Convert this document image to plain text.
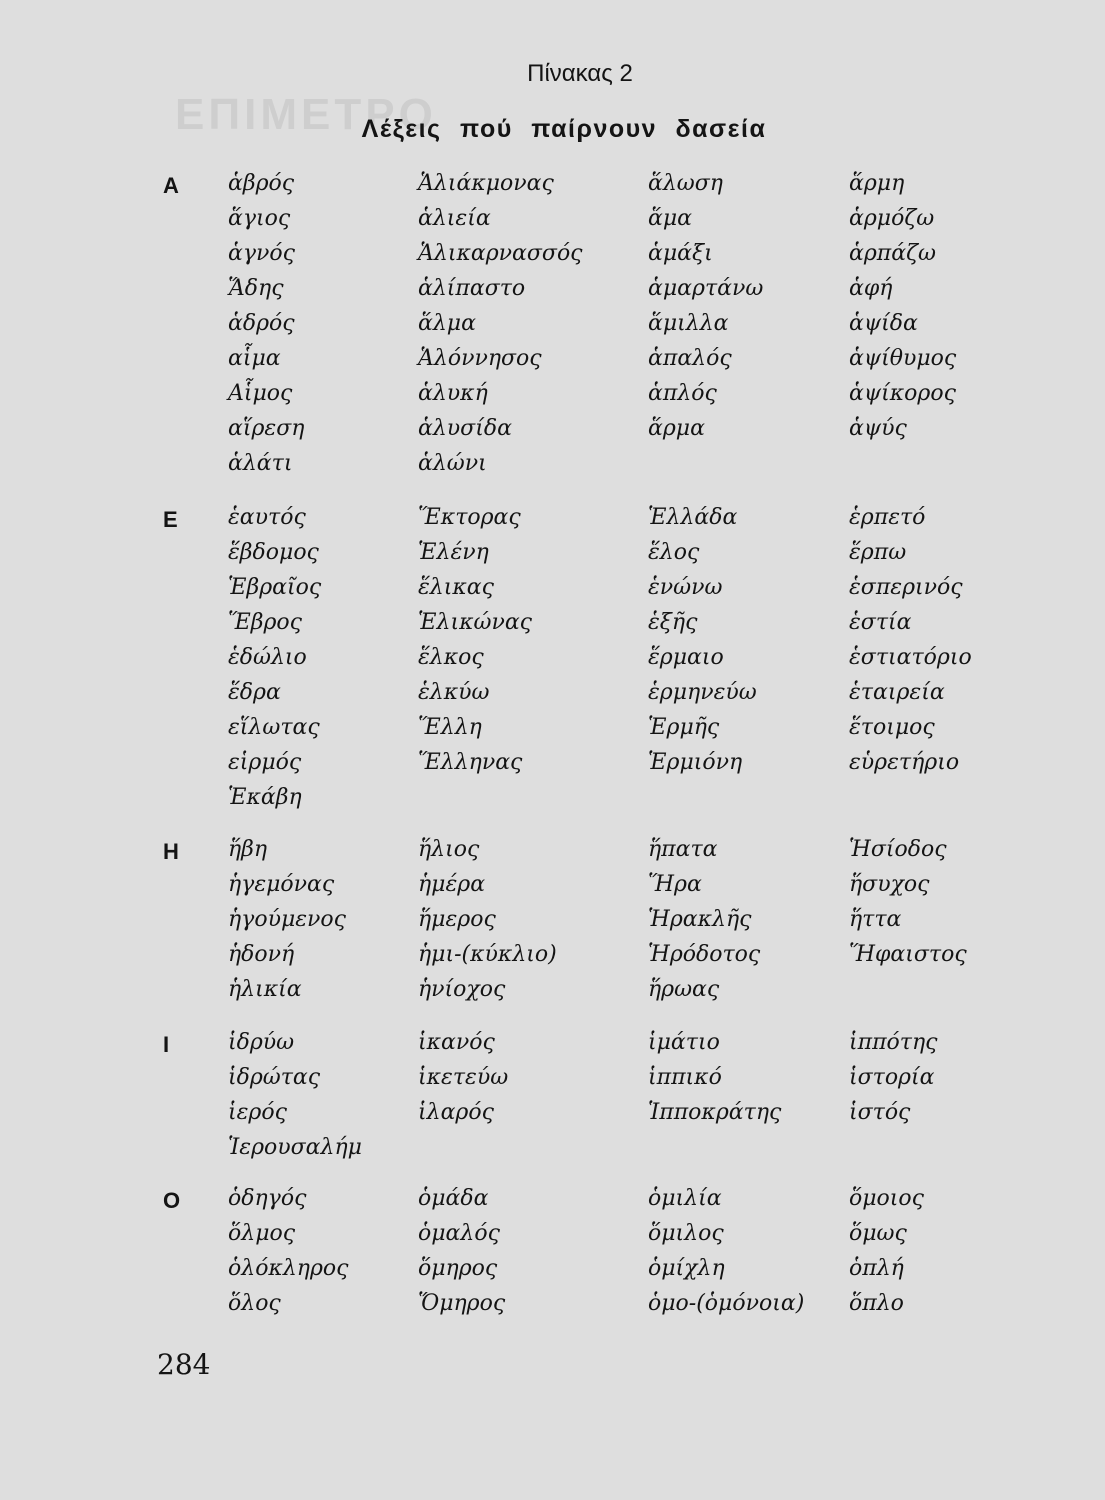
ΕΠΙΜΕΤΡΟ
Πίνακας 2
Λέξεις πού παίρνουν δασεία
Α ἁβρός
ἅγιος
ἁγνός
Ἅδης
ἁδρός
αἷμα
Αἷμος
αἵρεση
ἁλάτι
Ἁλιάκμονας
ἁλιεία
Ἁλικαρνασσός
ἁλίπαστο
ἅλμα
Ἁλόννησος
ἁλυκή
ἁλυσίδα
ἁλώνι
ἅλωση
ἅμα
ἁμάξι
ἁμαρτάνω
ἅμιλλα
ἁπαλός
ἁπλός
ἅρμα
ἅρμη
ἁρμόζω
ἁρπάζω
ἁφή
ἁψίδα
ἁψίθυμος
ἁψίκορος
ἁψύς
Ε ἑαυτός
ἕβδομος
Ἑβραῖος
Ἕβρος
ἑδώλιο
ἕδρα
εἵλωτας
εἱρμός
Ἑκάβη
Ἕκτορας
Ἑλένη
ἕλικας
Ἑλικώνας
ἕλκος
ἑλκύω
Ἕλλη
Ἕλληνας
Ἑλλάδα
ἕλος
ἑνώνω
ἑξῆς
ἕρμαιο
ἑρμηνεύω
Ἑρμῆς
Ἑρμιόνη
ἑρπετό
ἕρπω
ἑσπερινός
ἑστία
ἑστιατόριο
ἑταιρεία
ἕτοιμος
εὑρετήριο
Η ἥβη
ἡγεμόνας
ἡγούμενος
ἡδονή
ἡλικία
ἥλιος
ἡμέρα
ἥμερος
ἡμι-(κύκλιο)
ἡνίοχος
ἥπατα
Ἥρα
Ἡρακλῆς
Ἡρόδοτος
ἥρωας
Ἡσίοδος
ἥσυχος
ἥττα
Ἥφαιστος
Ι	ἱδρύω
ἱδρώτας
ἱερός
Ἱερουσαλήμ
ἱκανός
ἱκετεύω
ἱλαρός
ἱμάτιο
ἱππικό
Ἱπποκράτης
ἱππότης
ἱστορία
ἱστός
Ο ὁδηγός
ὅλμος
ὁλόκληρος
ὅλος
ὁμάδα
ὁμαλός
ὅμηρος
Ὅμηρος
ὁμιλία
ὅμιλος
ὁμίχλη
ὁμο-(ὁμόνοια)
ὅμοιος
ὅμως
ὁπλή
ὅπλο
284
